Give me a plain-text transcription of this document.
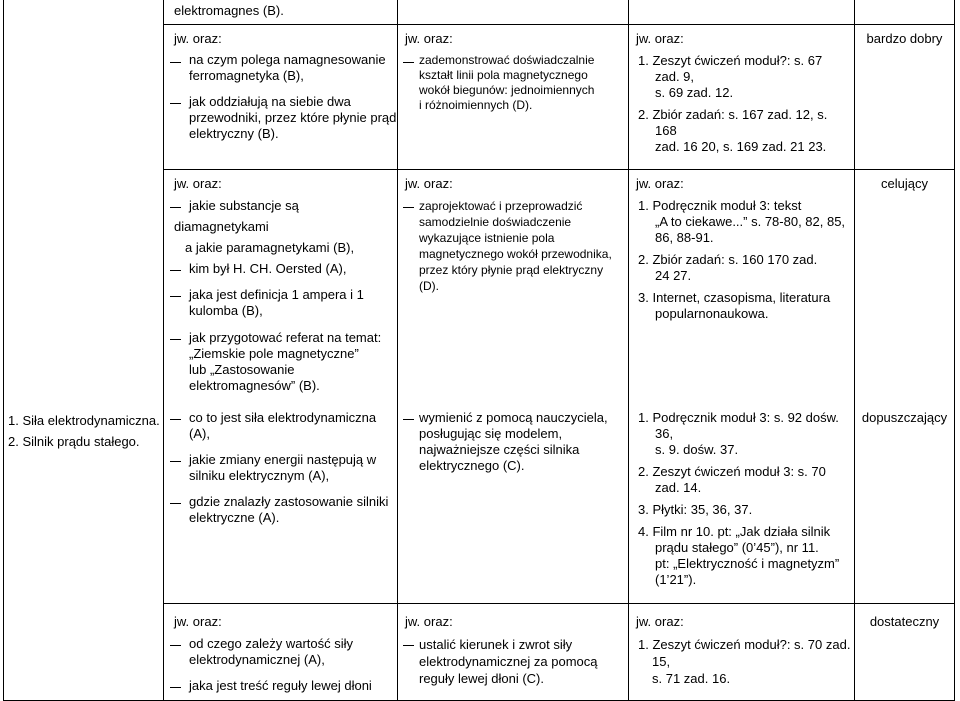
elektromagnes (B).
jw. oraz:
na czym polega namagnesowanie
ferromagnetyka (B),
jak oddziałują na siebie dwa
przewodniki, przez które płynie prąd
elektryczny (B).
jw. oraz:
zademonstrować doświadczalnie
kształt linii pola magnetycznego
wokół biegunów: jednoimiennych
i różnoimiennych (D).
jw. oraz:
1. Zeszyt ćwiczeń moduł?: s. 67
zad. 9,
s. 69 zad. 12.
2. Zbiór zadań: s. 167 zad. 12, s.
168
zad. 16 20, s. 169 zad. 21 23.
bardzo dobry
jw. oraz:
jakie substancje są
diamagnetykami
a jakie paramagnetykami (B),
kim był H. CH. Oersted (A),
jaka jest definicja 1 ampera i 1
kulomba (B),
jak przygotować referat na temat:
„Ziemskie pole magnetyczne”
lub „Zastosowanie
elektromagnesów” (B).
jw. oraz:
zaprojektować i przeprowadzić
samodzielnie doświadczenie
wykazujące istnienie pola
magnetycznego wokół przewodnika,
przez który płynie prąd elektryczny
(D).
jw. oraz:
1. Podręcznik moduł 3: tekst
„A to ciekawe...” s. 78-80, 82, 85,
86, 88-91.
2. Zbiór zadań: s. 160 170 zad.
24 27.
3. Internet, czasopisma, literatura
popularnonaukowa.
celujący
1. Siła elektrodynamiczna.
2. Silnik prądu stałego.
co to jest siła elektrodynamiczna
(A),
jakie zmiany energii następują w
silniku elektrycznym (A),
gdzie znalazły zastosowanie silniki
elektryczne (A).
wymienić z pomocą nauczyciela,
posługując się modelem,
najważniejsze części silnika
elektrycznego (C).
1. Podręcznik moduł 3: s. 92 dośw.
36,
s. 9. dośw. 37.
2. Zeszyt ćwiczeń moduł 3: s. 70
zad. 14.
3. Płytki: 35, 36, 37.
4. Film nr 10. pt: „Jak działa silnik
prądu stałego” (0’45”), nr 11.
pt: „Elektryczność i magnetyzm”
(1’21”).
dopuszczający
jw. oraz:
od czego zależy wartość siły
elektrodynamicznej (A),
jaka jest treść reguły lewej dłoni
jw. oraz:
ustalić kierunek i zwrot siły
elektrodynamicznej za pomocą
reguły lewej dłoni (C).
jw. oraz:
1. Zeszyt ćwiczeń moduł?: s. 70 zad.
15,
s. 71 zad. 16.
dostateczny
